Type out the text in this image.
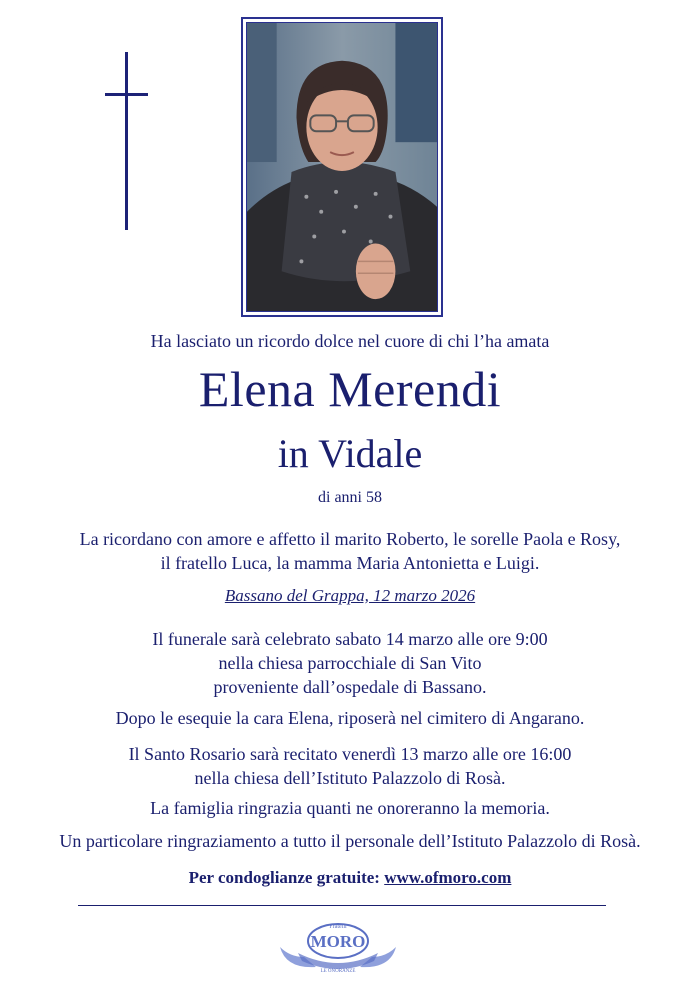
Ha lasciato un ricordo dolce nel cuore di chi l’ha amata
Elena Merendi
in Vidale
di anni 58
La ricordano con amore e affetto il marito Roberto, le sorelle Paola e Rosy,
il fratello Luca, la mamma Maria Antonietta e Luigi.
Bassano del Grappa, 12 marzo 2026
Il funerale sarà celebrato sabato 14 marzo alle ore 9:00
nella chiesa parrocchiale di San Vito
proveniente dall’ospedale di Bassano.
Dopo le esequie la cara Elena, riposerà nel cimitero di Angarano.
Il Santo Rosario sarà recitato venerdì 13 marzo alle ore 16:00
nella chiesa dell’Istituto Palazzolo di Rosà.
La famiglia ringrazia quanti ne onoreranno la memoria.
Un particolare ringraziamento a tutto il personale dell’Istituto Palazzolo di Rosà.
Per condoglianze gratuite: www.ofmoro.com
Fratelli
MORO
LE ONORANZE
